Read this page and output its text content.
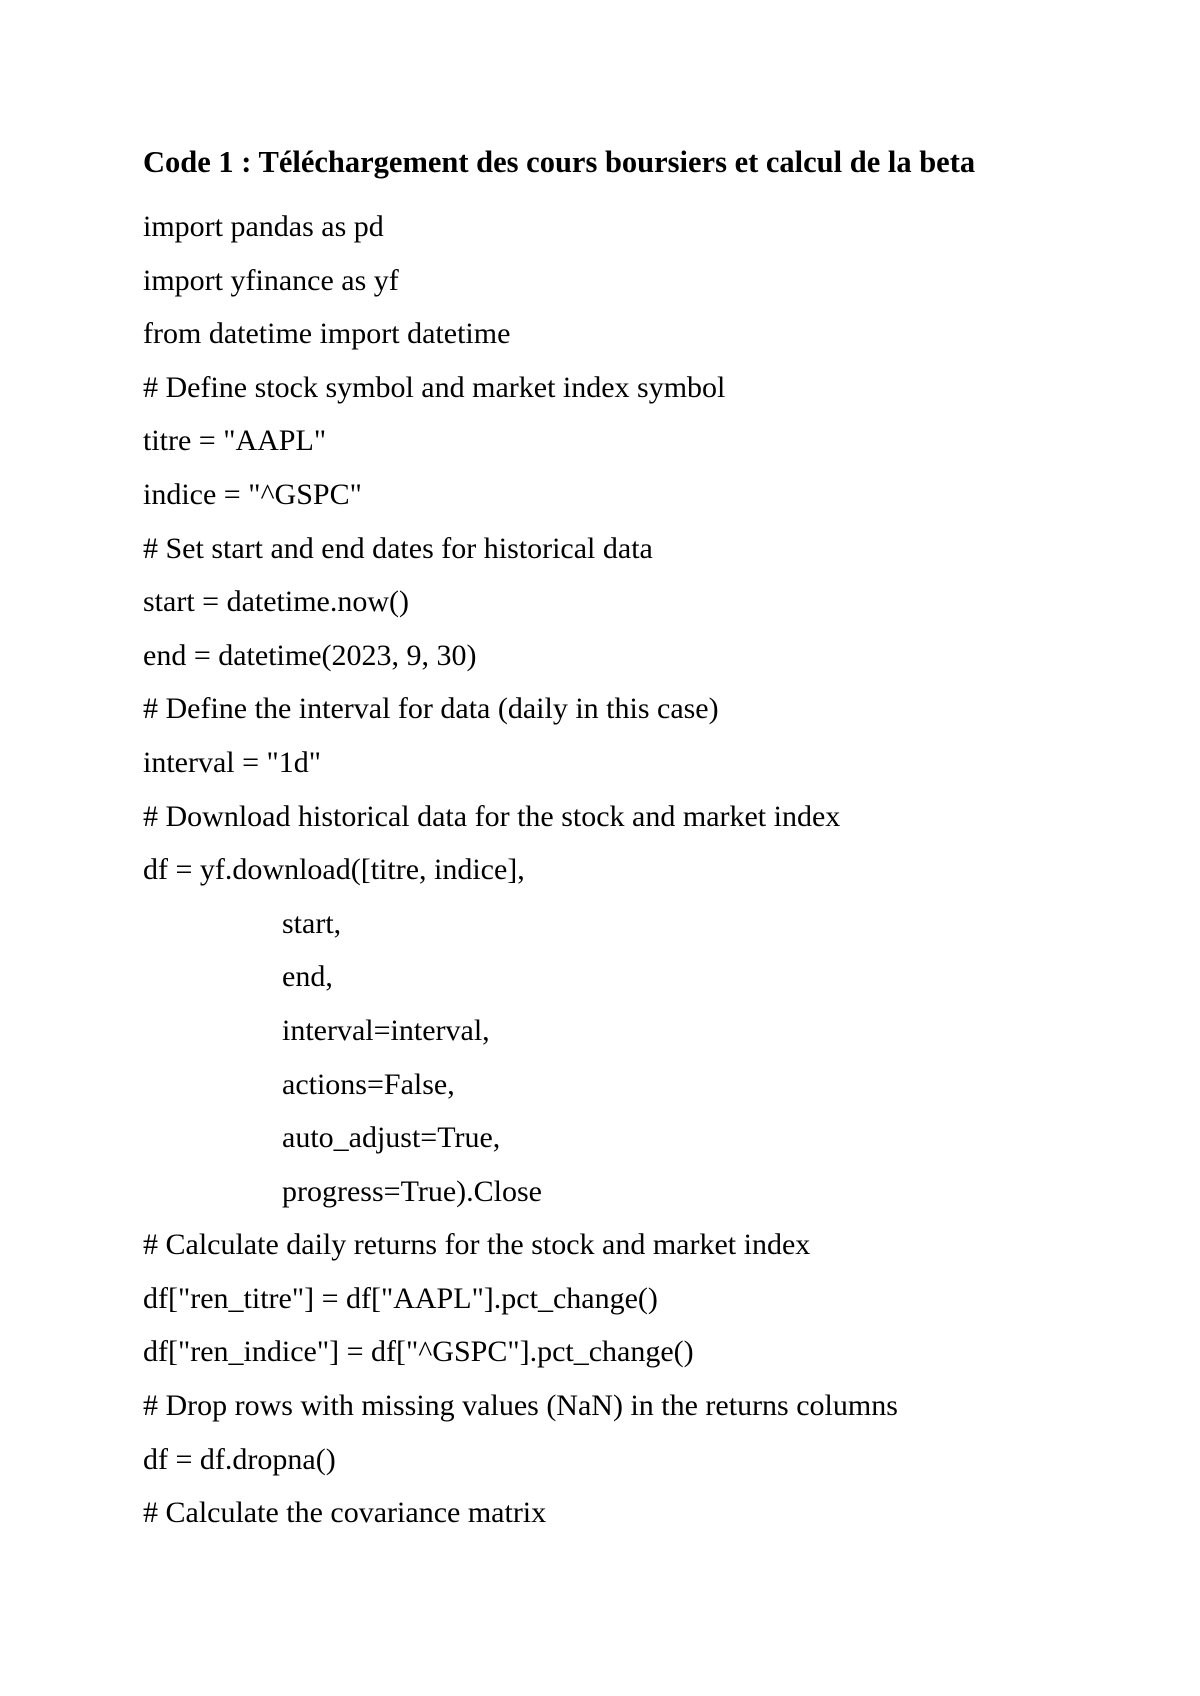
Code 1 : Téléchargement des cours boursiers et calcul de la beta
import pandas as pd
import yfinance as yf
from datetime import datetime
# Define stock symbol and market index symbol
titre = "AAPL"
indice = "^GSPC"
# Set start and end dates for historical data
start = datetime.now()
end = datetime(2023, 9, 30)
# Define the interval for data (daily in this case)
interval = "1d"
# Download historical data for the stock and market index
df = yf.download([titre, indice],
start,
end,
interval=interval,
actions=False,
auto_adjust=True,
progress=True).Close
# Calculate daily returns for the stock and market index
df["ren_titre"] = df["AAPL"].pct_change()
df["ren_indice"] = df["^GSPC"].pct_change()
# Drop rows with missing values (NaN) in the returns columns
df = df.dropna()
# Calculate the covariance matrix
